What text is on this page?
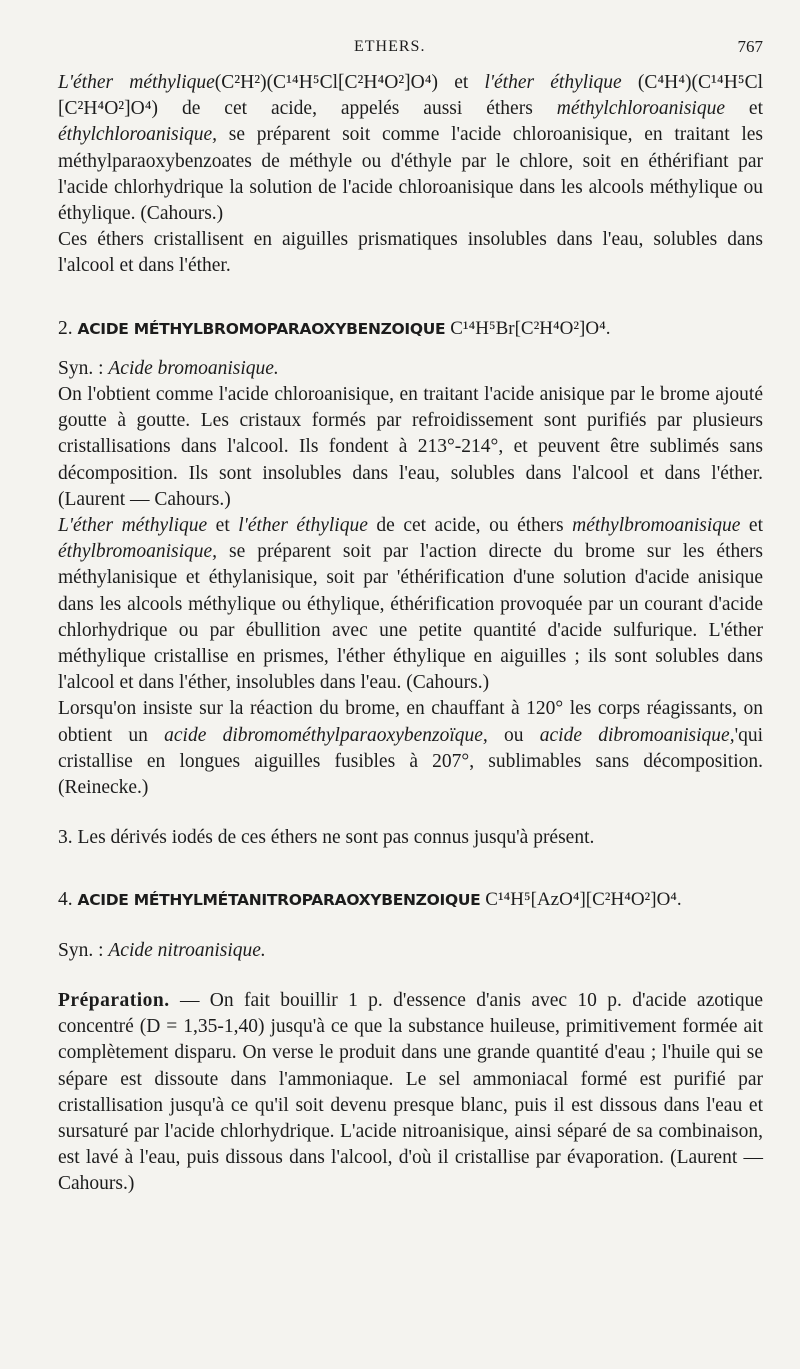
ETHERS.	767

L'éther méthylique(C²H²)(C¹⁴H⁵Cl[C²H⁴O²]O⁴) et l'éther éthylique (C⁴H⁴)(C¹⁴H⁵Cl [C²H⁴O²]O⁴) de cet acide, appelés aussi éthers méthylchloroanisique et éthylchloroanisique, se préparent soit comme l'acide chloroanisique, en traitant les méthylparaoxybenzoates de méthyle ou d'éthyle par le chlore, soit en éthérifiant par l'acide chlorhydrique la solution de l'acide chloroanisique dans les alcools méthylique ou éthylique. (Cahours.)

Ces éthers cristallisent en aiguilles prismatiques insolubles dans l'eau, solubles dans l'alcool et dans l'éther.

2. ACIDE MÉTHYLBROMOPARAOXYBENZOIQUE C¹⁴H⁵Br[C²H⁴O²]O⁴.

Syn. : Acide bromoanisique.

On l'obtient comme l'acide chloroanisique, en traitant l'acide anisique par le brome ajouté goutte à goutte. Les cristaux formés par refroidissement sont purifiés par plusieurs cristallisations dans l'alcool. Ils fondent à 213°-214°, et peuvent être sublimés sans décomposition. Ils sont insolubles dans l'eau, solubles dans l'alcool et dans l'éther. (Laurent — Cahours.)

L'éther méthylique et l'éther éthylique de cet acide, ou éthers méthylbromoanisique et éthylbromoanisique, se préparent soit par l'action directe du brome sur les éthers méthylanisique et éthylanisique, soit par 'éthérification d'une solution d'acide anisique dans les alcools méthylique ou éthylique, éthérification provoquée par un courant d'acide chlorhydrique ou par ébullition avec une petite quantité d'acide sulfurique. L'éther méthylique cristallise en prismes, l'éther éthylique en aiguilles ; ils sont solubles dans l'alcool et dans l'éther, insolubles dans l'eau. (Cahours.)

Lorsqu'on insiste sur la réaction du brome, en chauffant à 120° les corps réagissants, on obtient un acide dibromométhylparaoxybenzoïque, ou acide dibromoanisique,'qui cristallise en longues aiguilles fusibles à 207°, sublimables sans décomposition. (Reinecke.)

3. Les dérivés iodés de ces éthers ne sont pas connus jusqu'à présent.

4. ACIDE MÉTHYLMÉTANITROPARAOXYBENZOIQUE C¹⁴H⁵[AzO⁴][C²H⁴O²]O⁴.

Syn. : Acide nitroanisique.

Préparation. — On fait bouillir 1 p. d'essence d'anis avec 10 p. d'acide azotique concentré (D = 1,35-1,40) jusqu'à ce que la substance huileuse, primitivement formée ait complètement disparu. On verse le produit dans une grande quantité d'eau ; l'huile qui se sépare est dissoute dans l'ammoniaque. Le sel ammoniacal formé est purifié par cristallisation jusqu'à ce qu'il soit devenu presque blanc, puis il est dissous dans l'eau et sursaturé par l'acide chlorhydrique. L'acide nitroanisique, ainsi séparé de sa combinaison, est lavé à l'eau, puis dissous dans l'alcool, d'où il cristallise par évaporation. (Laurent — Cahours.)
